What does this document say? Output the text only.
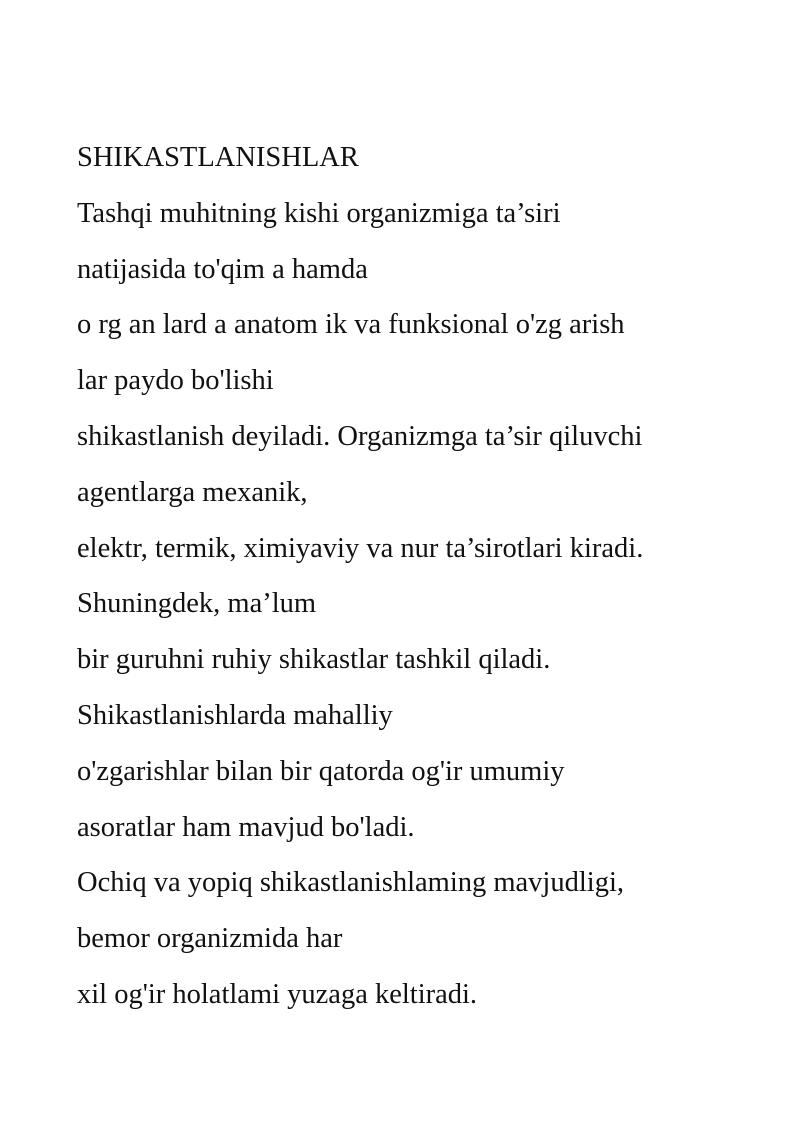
SHIKASTLANISHLAR
Tashqi muhitning kishi organizmiga ta’siri
natijasida to'qim a hamda
o rg an lard a anatom ik va funksional o'zg arish
lar paydo bo'lishi
shikastlanish deyiladi. Organizmga ta’sir qiluvchi
agentlarga mexanik,
elektr, termik, ximiyaviy va nur ta’sirotlari kiradi.
Shuningdek, ma’lum
bir guruhni ruhiy shikastlar tashkil qiladi.
Shikastlanishlarda mahalliy
o'zgarishlar bilan bir qatorda og'ir umumiy
asoratlar ham mavjud bo'ladi.
Ochiq va yopiq shikastlanishlaming mavjudligi,
bemor organizmida har
xil og'ir holatlami yuzaga keltiradi.
